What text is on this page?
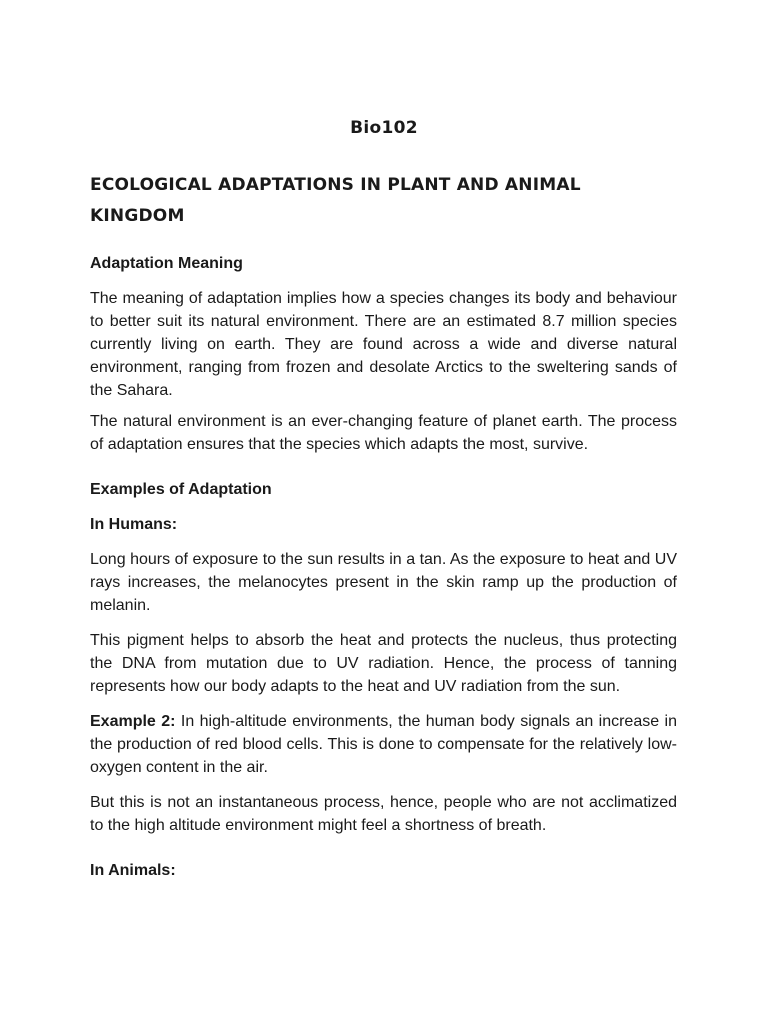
Bio102
ECOLOGICAL ADAPTATIONS IN PLANT AND ANIMAL KINGDOM

Adaptation Meaning

The meaning of adaptation implies how a species changes its body and behaviour to better suit its natural environment. There are an estimated 8.7 million species currently living on earth. They are found across a wide and diverse natural environment, ranging from frozen and desolate Arctics to the sweltering sands of the Sahara.

The natural environment is an ever-changing feature of planet earth. The process of adaptation ensures that the species which adapts the most, survive.

Examples of Adaptation

In Humans:

Long hours of exposure to the sun results in a tan. As the exposure to heat and UV rays increases, the melanocytes present in the skin ramp up the production of melanin.

This pigment helps to absorb the heat and protects the nucleus, thus protecting the DNA from mutation due to UV radiation. Hence, the process of tanning represents how our body adapts to the heat and UV radiation from the sun.

Example 2: In high-altitude environments, the human body signals an increase in the production of red blood cells. This is done to compensate for the relatively low-oxygen content in the air.

But this is not an instantaneous process, hence, people who are not acclimatized to the high altitude environment might feel a shortness of breath.

In Animals:
